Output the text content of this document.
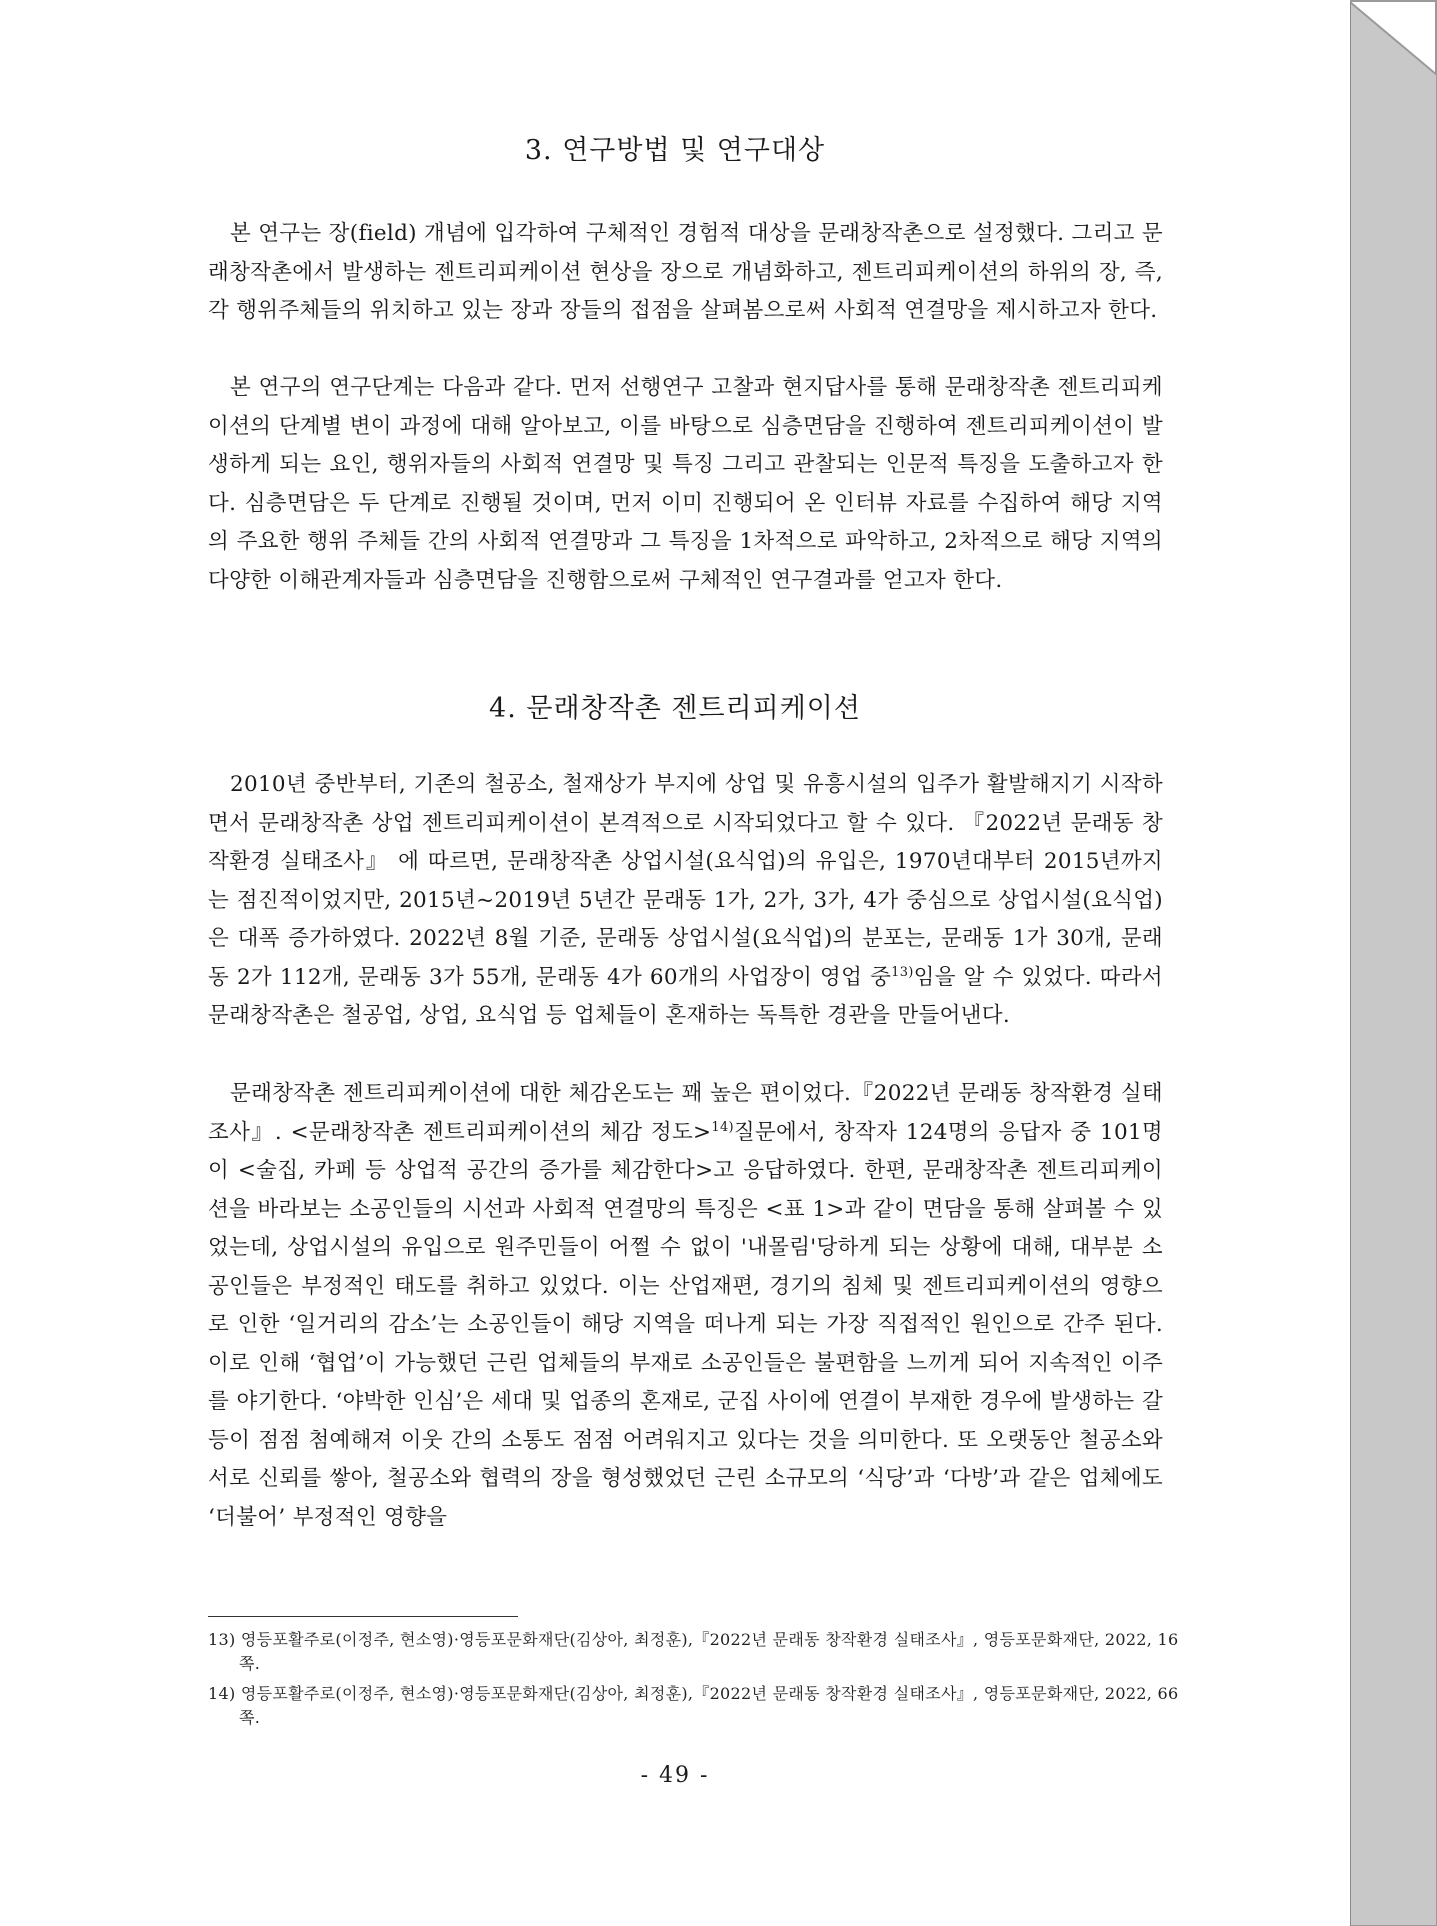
3. 연구방법 및 연구대상

본 연구는 장(field) 개념에 입각하여 구체적인 경험적 대상을 문래창작촌으로 설정했다. 그리고 문래창작촌에서 발생하는 젠트리피케이션 현상을 장으로 개념화하고, 젠트리피케이션의 하위의 장, 즉, 각 행위주체들의 위치하고 있는 장과 장들의 접점을 살펴봄으로써 사회적 연결망을 제시하고자 한다.

본 연구의 연구단계는 다음과 같다. 먼저 선행연구 고찰과 현지답사를 통해 문래창작촌 젠트리피케이션의 단계별 변이 과정에 대해 알아보고, 이를 바탕으로 심층면담을 진행하여 젠트리피케이션이 발생하게 되는 요인, 행위자들의 사회적 연결망 및 특징 그리고 관찰되는 인문적 특징을 도출하고자 한다. 심층면담은 두 단계로 진행될 것이며, 먼저 이미 진행되어 온 인터뷰 자료를 수집하여 해당 지역의 주요한 행위 주체들 간의 사회적 연결망과 그 특징을 1차적으로 파악하고, 2차적으로 해당 지역의 다양한 이해관계자들과 심층면담을 진행함으로써 구체적인 연구결과를 얻고자 한다.

4. 문래창작촌 젠트리피케이션

2010년 중반부터, 기존의 철공소, 철재상가 부지에 상업 및 유흥시설의 입주가 활발해지기 시작하면서 문래창작촌 상업 젠트리피케이션이 본격적으로 시작되었다고 할 수 있다. 『2022년 문래동 창작환경 실태조사』 에 따르면, 문래창작촌 상업시설(요식업)의 유입은, 1970년대부터 2015년까지는 점진적이었지만, 2015년~2019년 5년간 문래동 1가, 2가, 3가, 4가 중심으로 상업시설(요식업)은 대폭 증가하였다. 2022년 8월 기준, 문래동 상업시설(요식업)의 분포는, 문래동 1가 30개, 문래동 2가 112개, 문래동 3가 55개, 문래동 4가 60개의 사업장이 영업 중$^{13)}$임을 알 수 있었다. 따라서 문래창작촌은 철공업, 상업, 요식업 등 업체들이 혼재하는 독특한 경관을 만들어낸다.

문래창작촌 젠트리피케이션에 대한 체감온도는 꽤 높은 편이었다.『2022년 문래동 창작환경 실태조사』. <문래창작촌 젠트리피케이션의 체감 정도>$^{14)}$질문에서, 창작자 124명의 응답자 중 101명이 <술집, 카페 등 상업적 공간의 증가를 체감한다>고 응답하였다. 한편, 문래창작촌 젠트리피케이션을 바라보는 소공인들의 시선과 사회적 연결망의 특징은 <표 1>과 같이 면담을 통해 살펴볼 수 있었는데, 상업시설의 유입으로 원주민들이 어쩔 수 없이 '내몰림'당하게 되는 상황에 대해, 대부분 소공인들은 부정적인 태도를 취하고 있었다. 이는 산업재편, 경기의 침체 및 젠트리피케이션의 영향으로 인한 ‘일거리의 감소’는 소공인들이 해당 지역을 떠나게 되는 가장 직접적인 원인으로 간주 된다. 이로 인해 ‘협업’이 가능했던 근린 업체들의 부재로 소공인들은 불편함을 느끼게 되어 지속적인 이주를 야기한다. ‘야박한 인심’은 세대 및 업종의 혼재로, 군집 사이에 연결이 부재한 경우에 발생하는 갈등이 점점 첨예해져 이웃 간의 소통도 점점 어려워지고 있다는 것을 의미한다. 또 오랫동안 철공소와 서로 신뢰를 쌓아, 철공소와 협력의 장을 형성했었던 근린 소규모의 ‘식당’과 ‘다방’과 같은 업체에도 ‘더불어’ 부정적인 영향을

13) 영등포활주로(이정주, 현소영)·영등포문화재단(김상아, 최정훈),『2022년 문래동 창작환경 실태조사』, 영등포문화재단, 2022, 16쪽.

14) 영등포활주로(이정주, 현소영)·영등포문화재단(김상아, 최정훈),『2022년 문래동 창작환경 실태조사』, 영등포문화재단, 2022, 66쪽.

- 49 -
